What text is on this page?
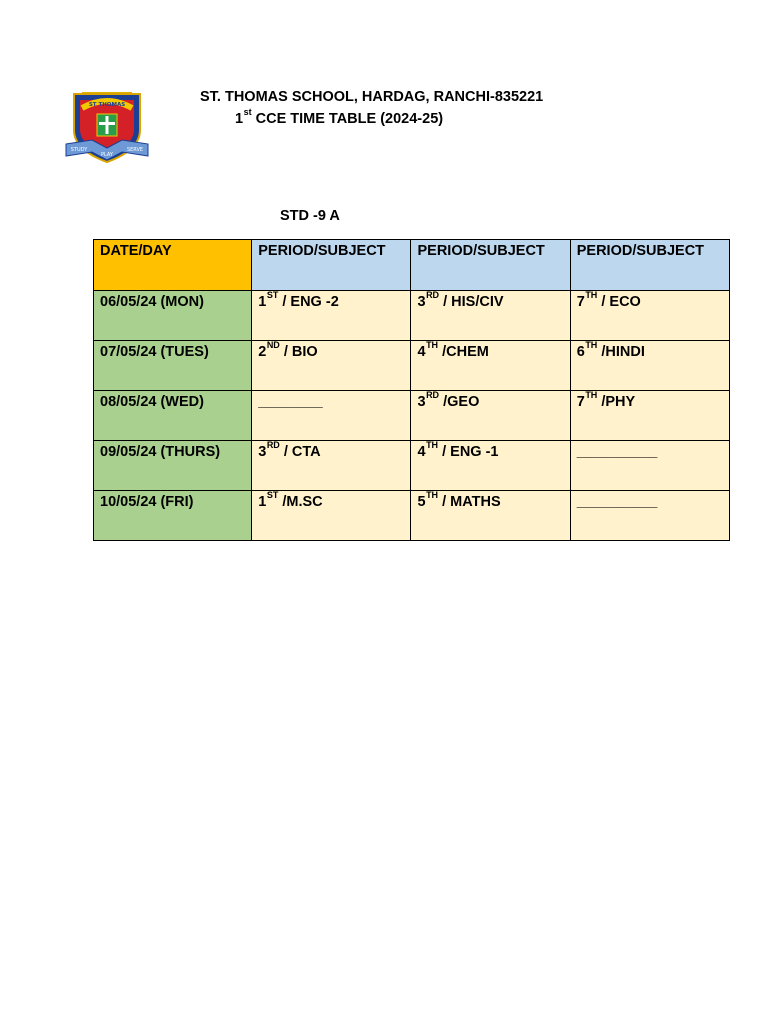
ST THOMAS
STUDY
PLAY
SERVE
ST. THOMAS SCHOOL, HARDAG, RANCHI-835221
1st CCE TIME TABLE (2024-25)
STD -9 A
DATE/DAY	PERIOD/SUBJECT	PERIOD/SUBJECT	PERIOD/SUBJECT
06/05/24 (MON)	1ST / ENG -2	3RD / HIS/CIV	7TH / ECO
07/05/24 (TUES)	2ND / BIO	4TH /CHEM	6TH /HINDI
08/05/24 (WED)	________	3RD /GEO	7TH /PHY
09/05/24 (THURS)	3RD / CTA	4TH / ENG -1	__________
10/05/24 (FRI)	1ST /M.SC	5TH / MATHS	__________
